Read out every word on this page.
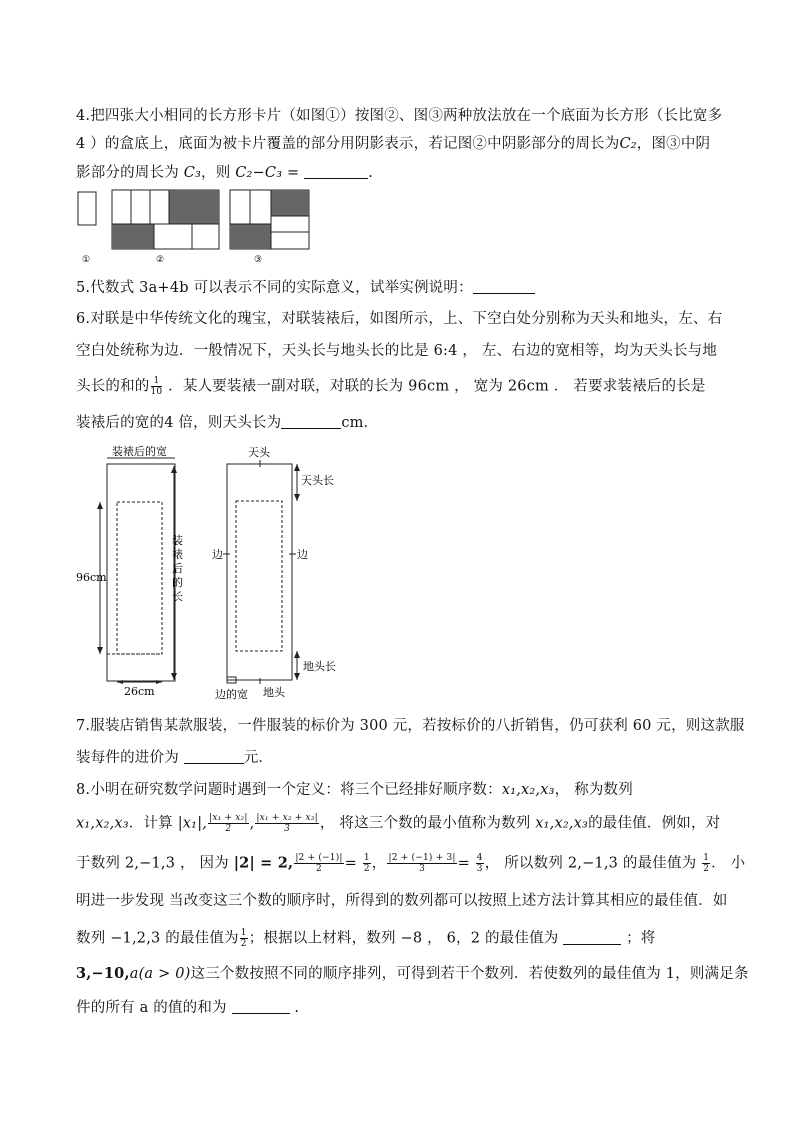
4.把四张大小相同的长方形卡片（如图①）按图②、图③两种放法放在一个底面为长方形（长比宽多
4 ）的盒底上，底面为被卡片覆盖的部分用阴影表示，若记图②中阴影部分的周长为C₂，图③中阴
影部分的周长为 C₃，则 C₂−C₃ =	.
①	②	③
5.代数式 3a+4b 可以表示不同的实际意义，试举实例说明：
6.对联是中华传统文化的瑰宝，对联装裱后，如图所示，上、下空白处分别称为天头和地头，左、右
空白处统称为边．一般情况下，天头长与地头长的比是 6:4 ， 左、右边的宽相等，均为天头长与地
头长的和的 $\frac{1}{10}$ ．某人要装裱一副对联，对联的长为 96cm ， 宽为 26cm ． 若要求装裱后的长是
装裱后的宽的4 倍，则天头长为	cm．
装裱后的宽
装
裱
后
的
长
96cm
26cm
天头
天头长
边	边
地头长
边的宽 地头
7.服装店销售某款服装，一件服装的标价为 300 元，若按标价的八折销售，仍可获利 60 元，则这款服
装每件的进价为	元．
8.小明在研究数学问题时遇到一个定义：将三个已经排好顺序数：x₁,x₂,x₃， 称为数列
x₁,x₂,x₃．计算 |x₁|, $\frac{\text{|x₁ + x₂|}}{2}$ , $\frac{\text{|x₁ + x₂ + x₃|}}{3}$ ， 将这三个数的最小值称为数列 x₁,x₂,x₃的最佳值．例如，对
于数列 2,−1,3 ， 因为 |2| = 2, $\frac{|2 + (-1)|}{2} = \frac{1}{2}$ ， $\frac{|2 + (-1) + 3|}{3} = \frac{4}{3}$ ， 所以数列 2,−1,3 的最佳值为 $\frac{1}{2}$ ． 小
明进一步发现 当改变这三个数的顺序时，所得到的数列都可以按照上述方法计算其相应的最佳值．如
数列 −1,2,3 的最佳值为 $\frac{1}{2}$ ；根据以上材料，数列 −8 ， 6，2 的最佳值为	；将
3,−10,a(a > 0)这三个数按照不同的顺序排列，可得到若干个数列．若使数列的最佳值为 1，则满足条
件的所有 a 的值的和为	.
